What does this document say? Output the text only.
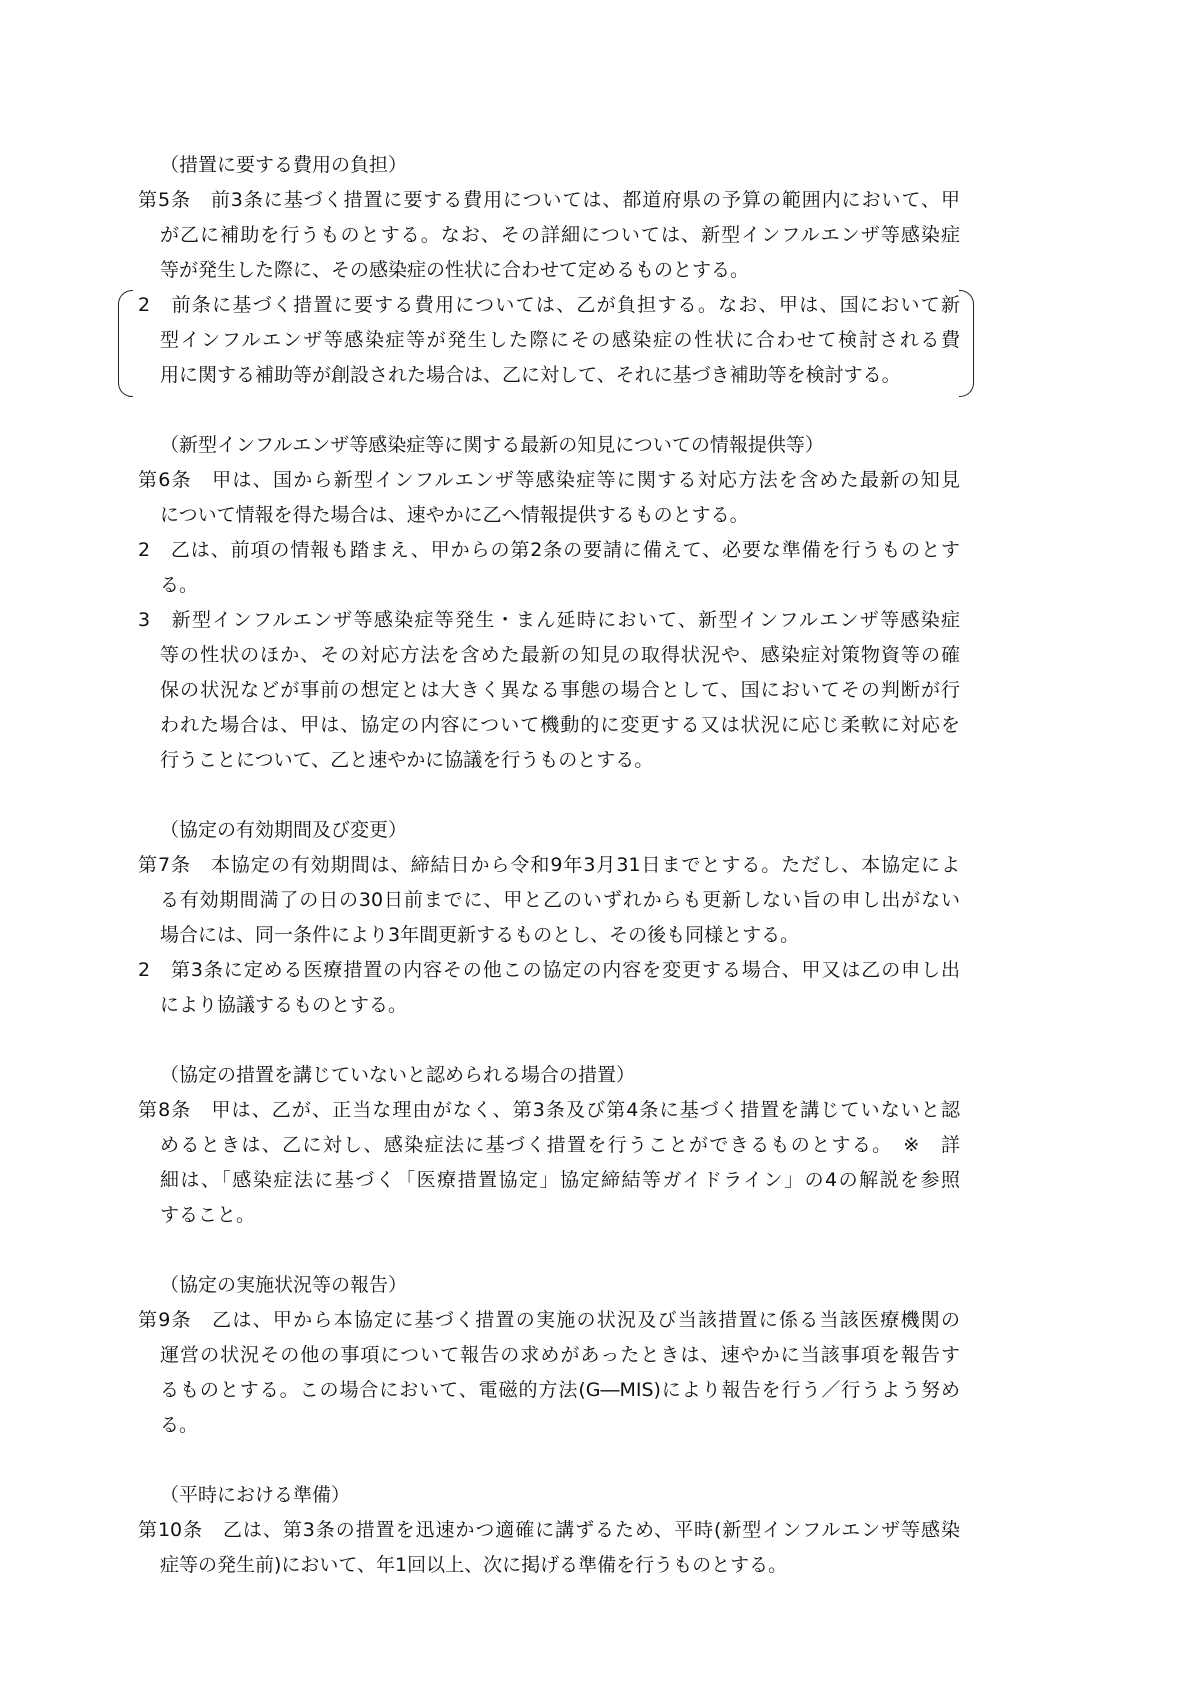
（措置に要する費用の負担）
第5条　前3条に基づく措置に要する費用については、都道府県の予算の範囲内において、甲
が乙に補助を行うものとする。なお、その詳細については、新型インフルエンザ等感染症
等が発生した際に、その感染症の性状に合わせて定めるものとする。
2　前条に基づく措置に要する費用については、乙が負担する。なお、甲は、国において新
型インフルエンザ等感染症等が発生した際にその感染症の性状に合わせて検討される費
用に関する補助等が創設された場合は、乙に対して、それに基づき補助等を検討する。
（新型インフルエンザ等感染症等に関する最新の知見についての情報提供等）
第6条　甲は、国から新型インフルエンザ等感染症等に関する対応方法を含めた最新の知見
について情報を得た場合は、速やかに乙へ情報提供するものとする。
2　乙は、前項の情報も踏まえ、甲からの第2条の要請に備えて、必要な準備を行うものとす
る。
3　新型インフルエンザ等感染症等発生・まん延時において、新型インフルエンザ等感染症
等の性状のほか、その対応方法を含めた最新の知見の取得状況や、感染症対策物資等の確
保の状況などが事前の想定とは大きく異なる事態の場合として、国においてその判断が行
われた場合は、甲は、協定の内容について機動的に変更する又は状況に応じ柔軟に対応を
行うことについて、乙と速やかに協議を行うものとする。
（協定の有効期間及び変更）
第7条　本協定の有効期間は、締結日から令和9年3月31日までとする。ただし、本協定によ
る有効期間満了の日の30日前までに、甲と乙のいずれからも更新しない旨の申し出がない
場合には、同一条件により3年間更新するものとし、その後も同様とする。
2　第3条に定める医療措置の内容その他この協定の内容を変更する場合、甲又は乙の申し出
により協議するものとする。
（協定の措置を講じていないと認められる場合の措置）
第8条　甲は、乙が、正当な理由がなく、第3条及び第4条に基づく措置を講じていないと認
めるときは、乙に対し、感染症法に基づく措置を行うことができるものとする。　※　詳
細は、「感染症法に基づく「医療措置協定」協定締結等ガイドライン」の4の解説を参照
すること。
（協定の実施状況等の報告）
第9条　乙は、甲から本協定に基づく措置の実施の状況及び当該措置に係る当該医療機関の
運営の状況その他の事項について報告の求めがあったときは、速やかに当該事項を報告す
るものとする。この場合において、電磁的方法(G―MIS)により報告を行う／行うよう努め
る。
（平時における準備）
第10条　乙は、第3条の措置を迅速かつ適確に講ずるため、平時(新型インフルエンザ等感染
症等の発生前)において、年1回以上、次に掲げる準備を行うものとする。
